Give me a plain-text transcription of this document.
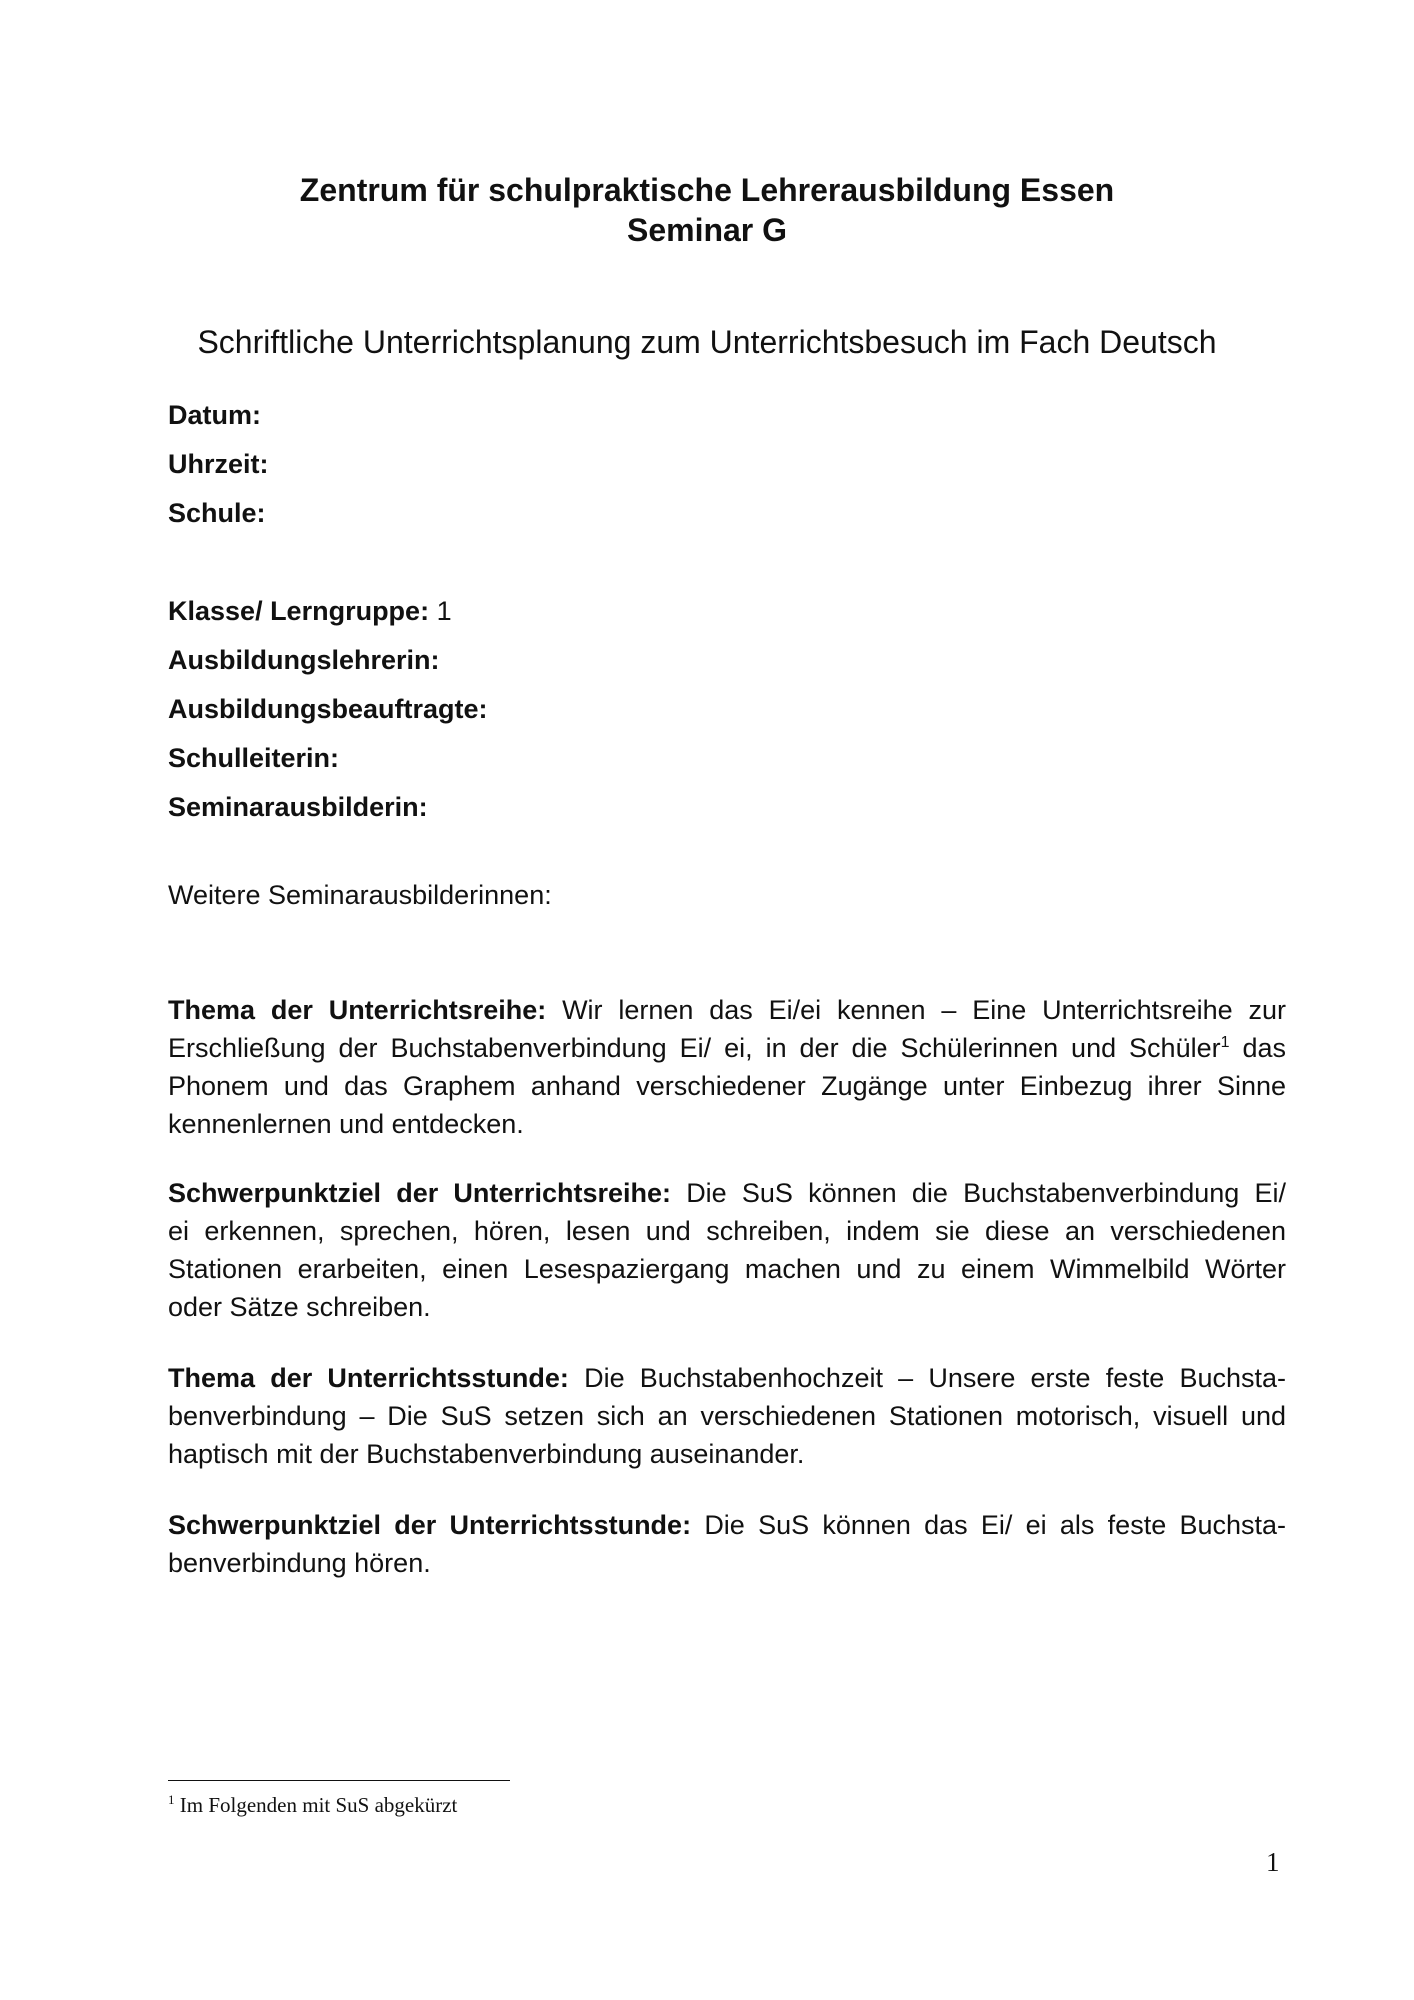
Zentrum für schulpraktische Lehrerausbildung Essen
Seminar G
Schriftliche Unterrichtsplanung zum Unterrichtsbesuch im Fach Deutsch
Datum:
Uhrzeit:
Schule:
Klasse/ Lerngruppe: 1
Ausbildungslehrerin:
Ausbildungsbeauftragte:
Schulleiterin:
Seminarausbilderin:
Weitere Seminarausbilderinnen:
Thema der Unterrichtsreihe: Wir lernen das Ei/ei kennen – Eine Unterrichtsreihe zur
Erschließung der Buchstabenverbindung Ei/ ei, in der die Schülerinnen und Schüler$^1$ das
Phonem und das Graphem anhand verschiedener Zugänge unter Einbezug ihrer Sinne
kennenlernen und entdecken.
Schwerpunktziel der Unterrichtsreihe: Die SuS können die Buchstabenverbindung Ei/
ei erkennen, sprechen, hören, lesen und schreiben, indem sie diese an verschiedenen
Stationen erarbeiten, einen Lesespaziergang machen und zu einem Wimmelbild Wörter
oder Sätze schreiben.
Thema der Unterrichtsstunde: Die Buchstabenhochzeit – Unsere erste feste Buchsta-
benverbindung – Die SuS setzen sich an verschiedenen Stationen motorisch, visuell und
haptisch mit der Buchstabenverbindung auseinander.
Schwerpunktziel der Unterrichtsstunde: Die SuS können das Ei/ ei als feste Buchsta-
benverbindung hören.
$^1$ Im Folgenden mit SuS abgekürzt
1
